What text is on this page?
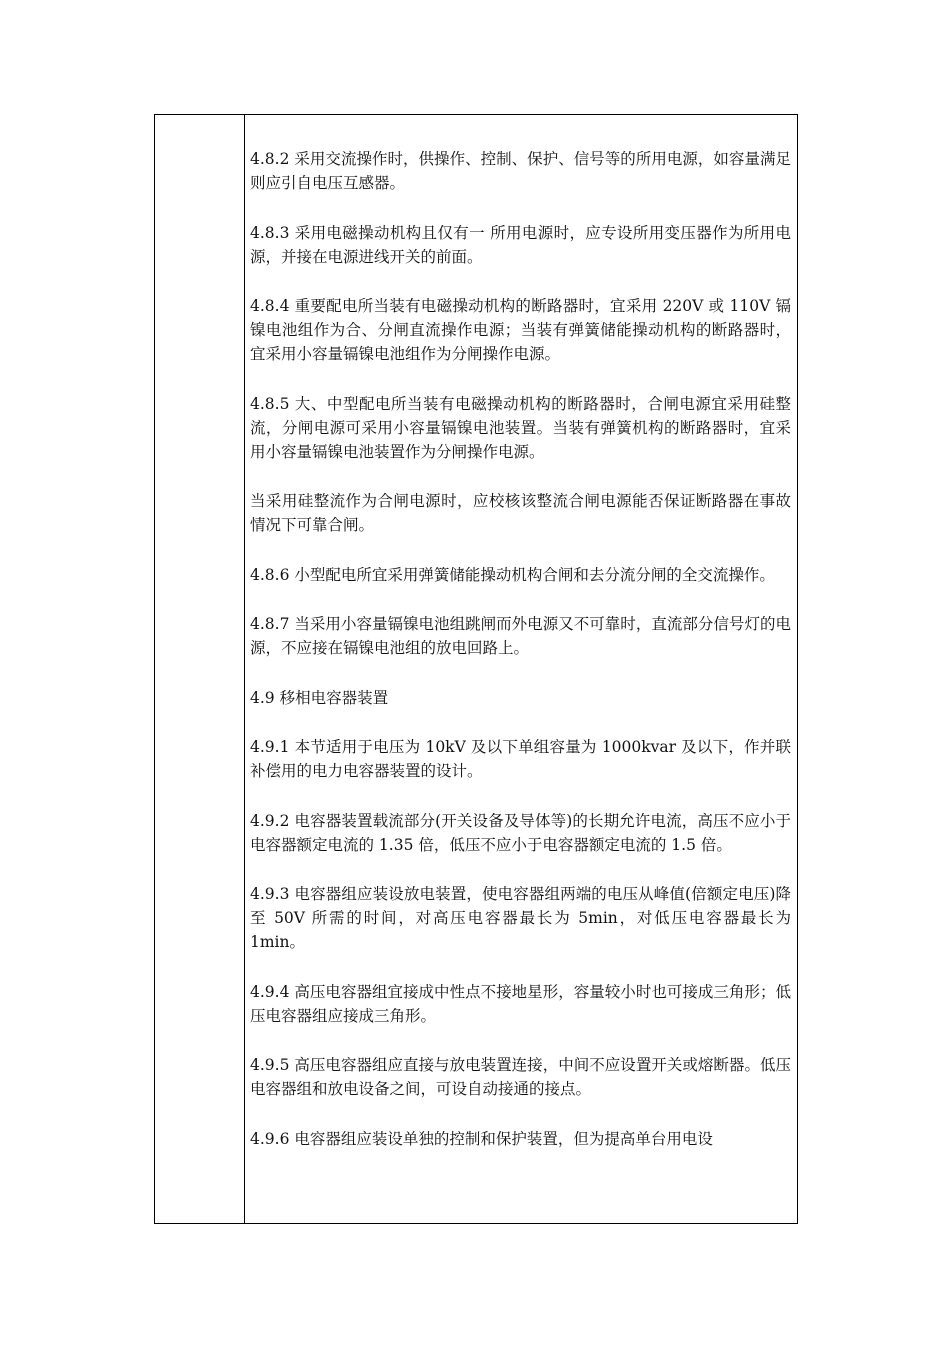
4.8.2 采用交流操作时，供操作、控制、保护、信号等的所用电源，如容量满足则应引自电压互感器。

4.8.3 采用电磁操动机构且仅有一 所用电源时，应专设所用变压器作为所用电源，并接在电源进线开关的前面。

4.8.4 重要配电所当装有电磁操动机构的断路器时，宜采用 220V 或 110V 镉镍电池组作为合、分闸直流操作电源；当装有弹簧储能操动机构的断路器时，宜采用小容量镉镍电池组作为分闸操作电源。

4.8.5 大、中型配电所当装有电磁操动机构的断路器时，合闸电源宜采用硅整流，分闸电源可采用小容量镉镍电池装置。当装有弹簧机构的断路器时，宜采用小容量镉镍电池装置作为分闸操作电源。

当采用硅整流作为合闸电源时，应校核该整流合闸电源能否保证断路器在事故情况下可靠合闸。

4.8.6 小型配电所宜采用弹簧储能操动机构合闸和去分流分闸的全交流操作。

4.8.7 当采用小容量镉镍电池组跳闸而外电源又不可靠时，直流部分信号灯的电源，不应接在镉镍电池组的放电回路上。

4.9 移相电容器装置

4.9.1 本节适用于电压为 10kV 及以下单组容量为 1000kvar 及以下，作并联补偿用的电力电容器装置的设计。

4.9.2 电容器装置载流部分(开关设备及导体等)的长期允许电流，高压不应小于电容器额定电流的 1.35 倍，低压不应小于电容器额定电流的 1.5 倍。

4.9.3 电容器组应装设放电装置，使电容器组两端的电压从峰值(倍额定电压)降至 50V 所需的时间，对高压电容器最长为 5min，对低压电容器最长为 1min。

4.9.4 高压电容器组宜接成中性点不接地星形，容量较小时也可接成三角形；低压电容器组应接成三角形。

4.9.5 高压电容器组应直接与放电装置连接，中间不应设置开关或熔断器。低压电容器组和放电设备之间，可设自动接通的接点。

4.9.6 电容器组应装设单独的控制和保护装置，但为提高单台用电设
